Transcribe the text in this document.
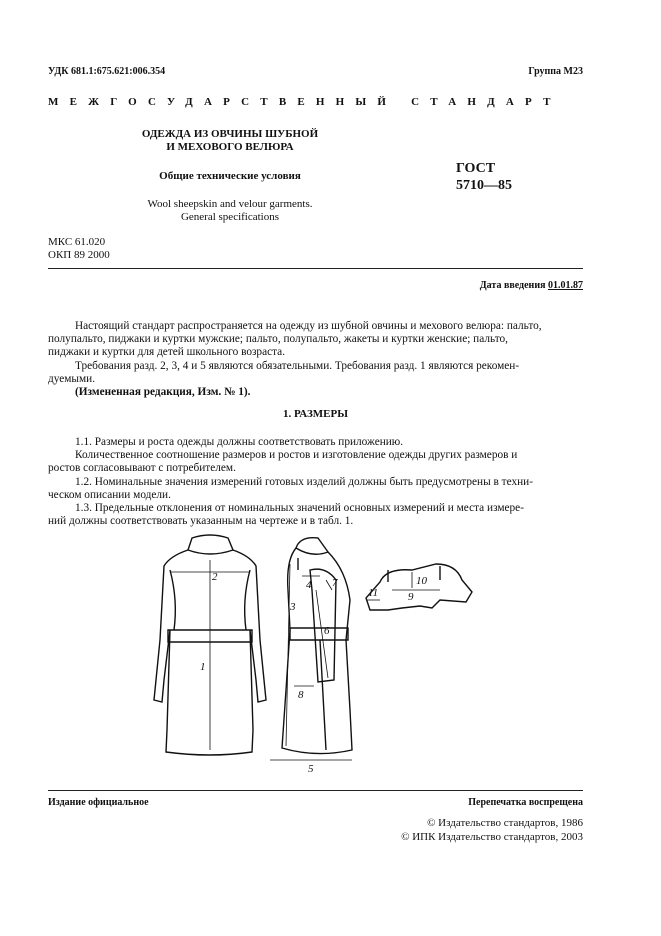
УДК 681.1:675.621:006.354	Группа М23
МЕЖГОСУДАРСТВЕННЫЙ СТАНДАРТ
ОДЕЖДА ИЗ ОВЧИНЫ ШУБНОЙ
И МЕХОВОГО ВЕЛЮРА
Общие технические условия
Wool sheepskin and velour garments.
General specifications
ГОСТ
5710—85
МКС 61.020
ОКП 89 2000
Дата введения 01.01.87
Настоящий стандарт распространяется на одежду из шубной овчины и мехового велюра: пальто,
полупальто, пиджаки и куртки мужские; пальто, полупальто, жакеты и куртки женские; пальто,
пиджаки и куртки для детей школьного возраста.
Требования разд. 2, 3, 4 и 5 являются обязательными. Требования разд. 1 являются рекомен-
дуемыми.
(Измененная редакция, Изм. № 1).
1. РАЗМЕРЫ
1.1. Размеры и роста одежды должны соответствовать приложению.
Количественное соотношение размеров и ростов и изготовление одежды других размеров и
ростов согласовывают с потребителем.
1.2. Номинальные значения измерений готовых изделий должны быть предусмотрены в техни-
ческом описании модели.
1.3. Предельные отклонения от номинальных значений основных измерений и места измере-
ний должны соответствовать указанным на чертеже и в табл. 1.
1
2
3
4
5
6
7
8
9
10
11
Издание официальное	Перепечатка воспрещена
© Издательство стандартов, 1986
© ИПК Издательство стандартов, 2003
